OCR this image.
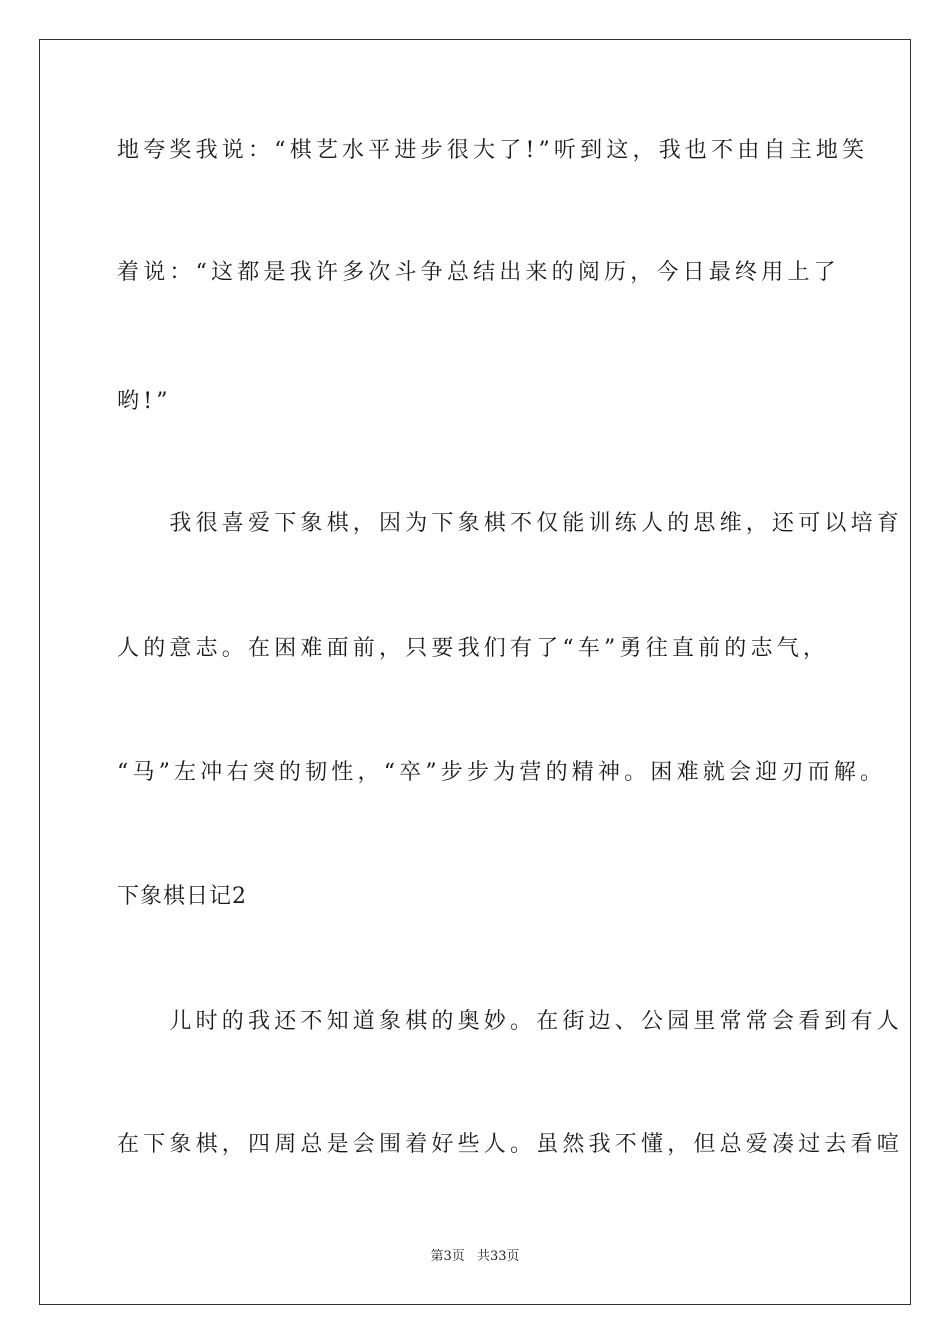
地夸奖我说：“棋艺水平进步很大了!”听到这，我也不由自主地笑
着说：“这都是我许多次斗争总结出来的阅历，今日最终用上了
哟!”
　　我很喜爱下象棋，因为下象棋不仅能训练人的思维，还可以培育
人的意志。在困难面前，只要我们有了“车”勇往直前的志气，
“马”左冲右突的韧性，“卒”步步为营的精神。困难就会迎刃而解。
下象棋日记2
　　儿时的我还不知道象棋的奥妙。在街边、公园里常常会看到有人
在下象棋，四周总是会围着好些人。虽然我不懂，但总爱凑过去看喧
第3页 共33页
